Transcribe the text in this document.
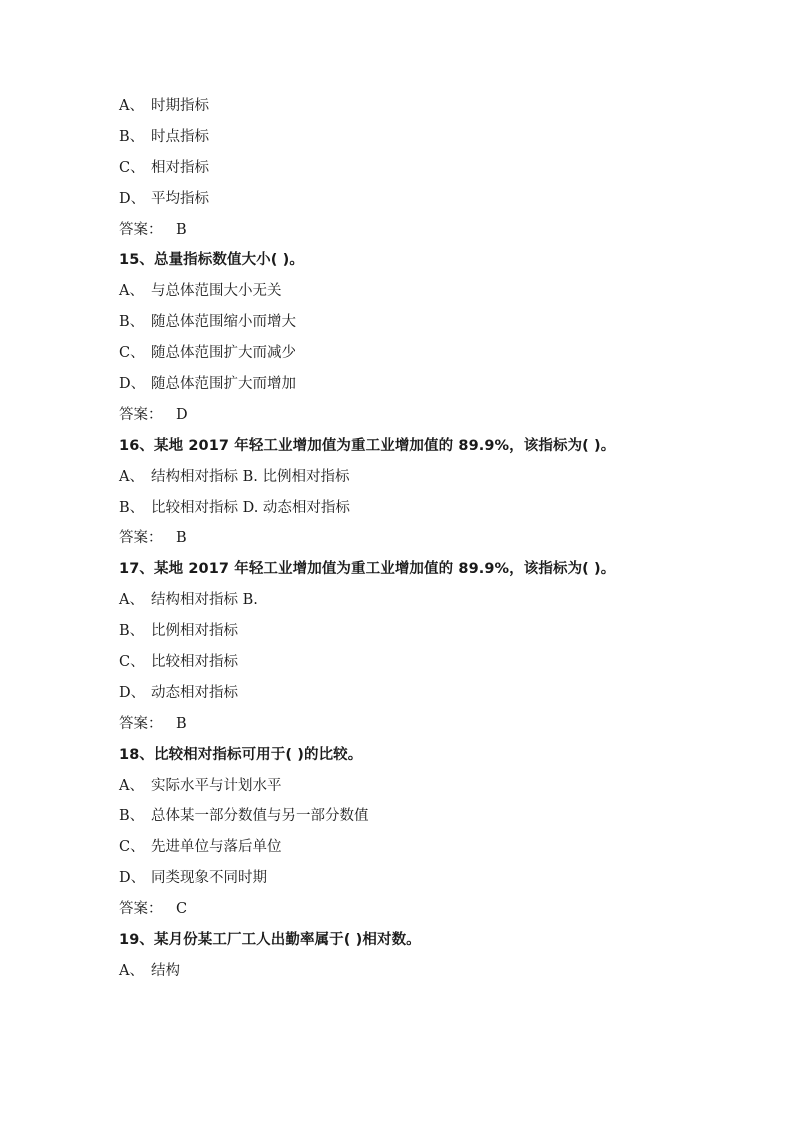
A、 时期指标
B、 时点指标
C、 相对指标
D、 平均指标
答案： B
15、总量指标数值大小( )。
A、 与总体范围大小无关
B、 随总体范围缩小而增大
C、 随总体范围扩大而减少
D、 随总体范围扩大而增加
答案： D
16、某地 2017 年轻工业增加值为重工业增加值的 89.9%，该指标为( )。
A、 结构相对指标 B. 比例相对指标
B、 比较相对指标 D. 动态相对指标
答案： B
17、某地 2017 年轻工业增加值为重工业增加值的 89.9%，该指标为( )。
A、 结构相对指标 B.
B、 比例相对指标
C、 比较相对指标
D、 动态相对指标
答案： B
18、比较相对指标可用于( )的比较。
A、 实际水平与计划水平
B、 总体某一部分数值与另一部分数值
C、 先进单位与落后单位
D、 同类现象不同时期
答案： C
19、某月份某工厂工人出勤率属于( )相对数。
A、 结构
